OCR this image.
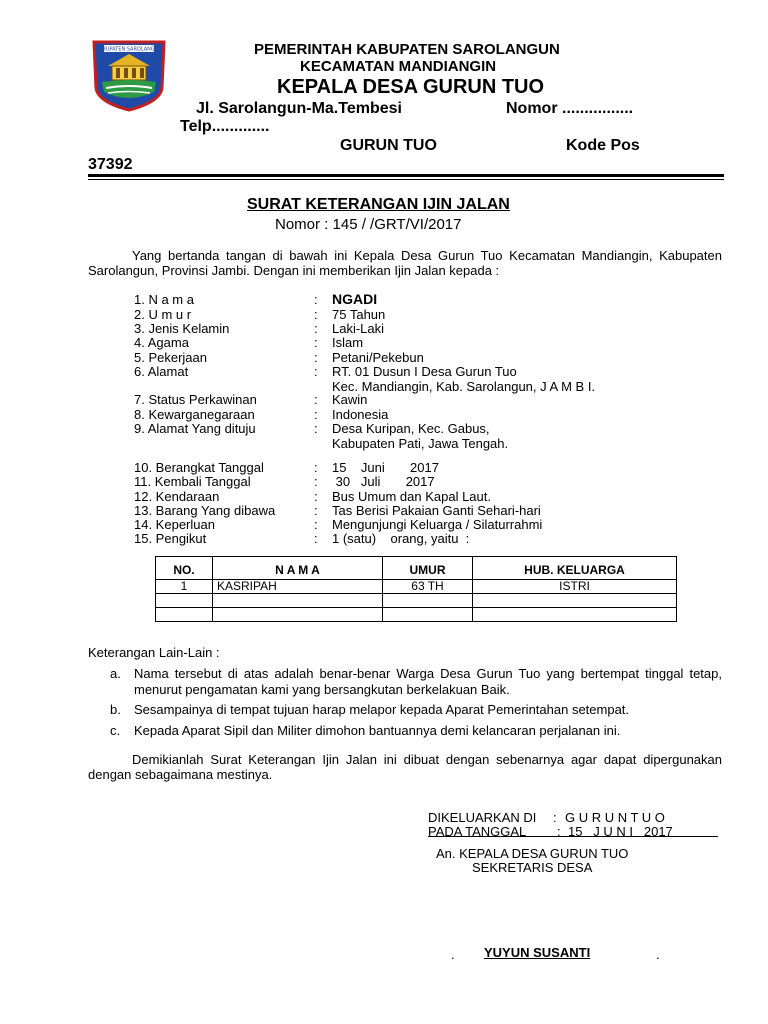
KABUPATEN SAROLANGUN	PEMERINTAH KABUPATEN SAROLANGUN
KECAMATAN MANDIANGIN
KEPALA DESA GURUN TUO
Jl. Sarolangun-Ma.Tembesi	Nomor ................
Telp.............
GURUN TUO	Kode Pos
37392
SURAT KETERANGAN IJIN JALAN
Nomor : 145 / /GRT/VI/2017
Yang bertanda tangan di bawah ini Kepala Desa Gurun Tuo Kecamatan Mandiangin, Kabupaten Sarolangun, Provinsi Jambi. Dengan ini memberikan Ijin Jalan kepada :
1. N a m a	: NGADI
2. U m u r	: 75 Tahun
3. Jenis Kelamin	: Laki-Laki
4. Agama	: Islam
5. Pekerjaan	: Petani/Pekebun
6. Alamat	: RT. 01 Dusun I Desa Gurun Tuo
Kec. Mandiangin, Kab. Sarolangun, J A M B I.
7. Status Perkawinan	: Kawin
8. Kewarganegaraan	: Indonesia
9. Alamat Yang dituju	: Desa Kuripan, Kec. Gabus,
Kabupaten Pati, Jawa Tengah.
10. Berangkat Tanggal	: 15    Juni       2017
11. Kembali Tanggal	: 30   Juli       2017
12. Kendaraan	: Bus Umum dan Kapal Laut.
13. Barang Yang dibawa	: Tas Berisi Pakaian Ganti Sehari-hari
14. Keperluan	: Mengunjungi Keluarga / Silaturrahmi
15. Pengikut	: 1 (satu)    orang, yaitu  :
NO.	N A M A	UMUR	HUB. KELUARGA
1	KASRIPAH	63 TH	ISTRI

Keterangan Lain-Lain :
a. Nama tersebut di atas adalah benar-benar Warga Desa Gurun Tuo yang bertempat tinggal tetap, menurut pengamatan kami yang bersangkutan berkelakuan Baik.
b. Sesampainya di tempat tujuan harap melapor kepada Aparat Pemerintahan setempat.
c. Kepada Aparat Sipil dan Militer dimohon bantuannya demi kelancaran perjalanan ini.
Demikianlah Surat Keterangan Ijin Jalan ini dibuat dengan sebenarnya agar dapat dipergunakan dengan sebagaimana mestinya.
DIKELUARKAN DI : G U R U N T U O
PADA TANGGAL : 15   J U N I   2017
An. KEPALA DESA GURUN TUO
SEKRETARIS DESA
. YUYUN SUSANTI	.
